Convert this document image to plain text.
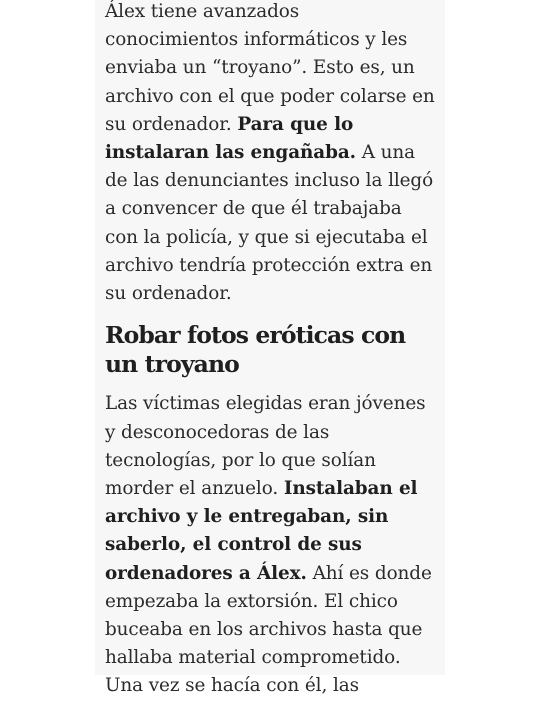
Álex tiene avanzados conocimientos informáticos y les enviaba un “troyano”. Esto es, un archivo con el que poder colarse en su ordenador. Para que lo instalaran las engañaba. A una de las denunciantes incluso la llegó a convencer de que él trabajaba con la policía, y que si ejecutaba el archivo tendría protección extra en su ordenador.

Robar fotos eróticas con un troyano

Las víctimas elegidas eran jóvenes y desconocedoras de las tecnologías, por lo que solían morder el anzuelo. Instalaban el archivo y le entregaban, sin saberlo, el control de sus ordenadores a Álex. Ahí es donde empezaba la extorsión. El chico buceaba en los archivos hasta que hallaba material comprometido. Una vez se hacía con él, las
